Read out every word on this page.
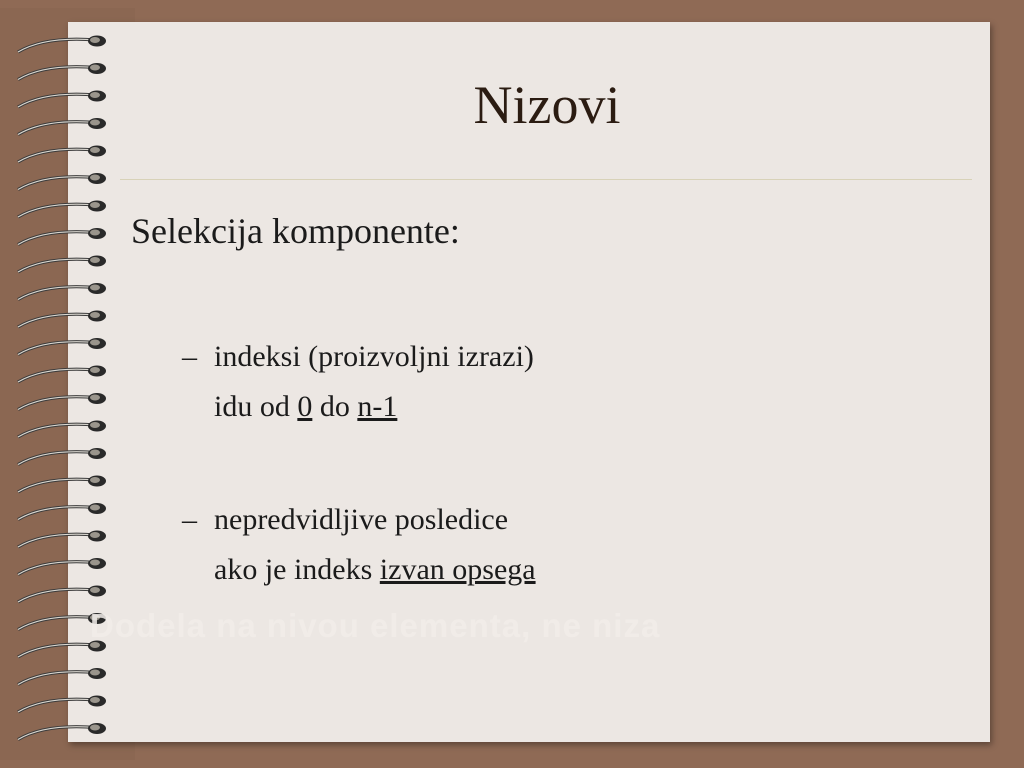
Nizovi
Selekcija komponente:
– indeksi (proizvoljni izrazi)
idu od 0 do n-1
– nepredvidljive posledice
ako je indeks izvan opsega
Dodela na nivou elementa, ne niza
